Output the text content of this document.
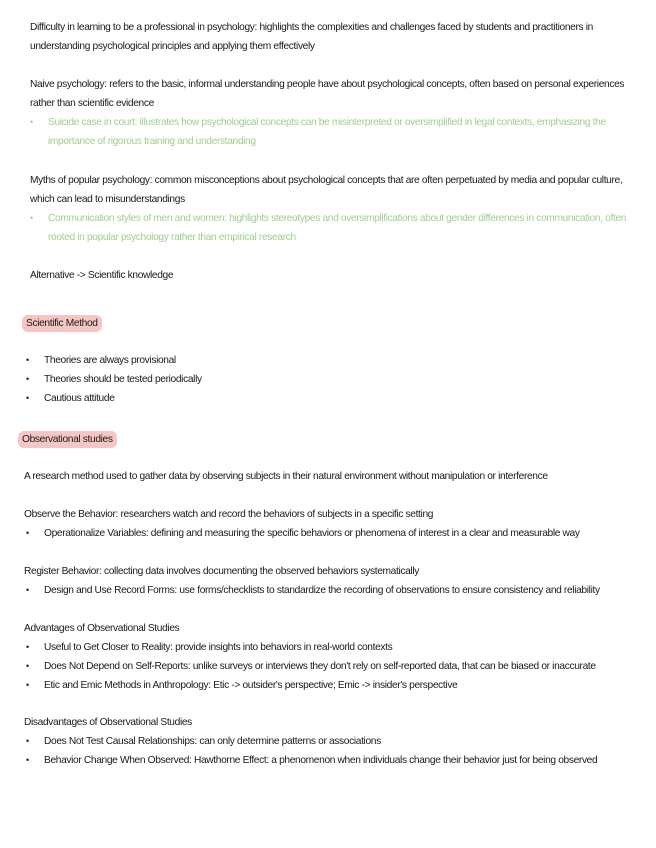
Difficulty in learning to be a professional in psychology: highlights the complexities and challenges faced by students and practitioners in understanding psychological principles and applying them effectively

Naive psychology: refers to the basic, informal understanding people have about psychological concepts, often based on personal experiences rather than scientific evidence

• Suicide case in court: illustrates how psychological concepts can be misinterpreted or oversimplified in legal contexts, emphasizing the importance of rigorous training and understanding

Myths of popular psychology: common misconceptions about psychological concepts that are often perpetuated by media and popular culture, which can lead to misunderstandings

• Communication styles of men and women: highlights stereotypes and oversimplifications about gender differences in communication, often rooted in popular psychology rather than empirical research

Alternative -> Scientific knowledge

Scientific Method
• Theories are always provisional
• Theories should be tested periodically
• Cautious attitude
Observational studies

A research method used to gather data by observing subjects in their natural environment without manipulation or interference

Observe the Behavior: researchers watch and record the behaviors of subjects in a specific setting

• Operationalize Variables: defining and measuring the specific behaviors or phenomena of interest in a clear and measurable way

Register Behavior: collecting data involves documenting the observed behaviors systematically

• Design and Use Record Forms: use forms/checklists to standardize the recording of observations to ensure consistency and reliability

Advantages of Observational Studies

• Useful to Get Closer to Reality: provide insights into behaviors in real-world contexts
• Does Not Depend on Self-Reports: unlike surveys or interviews they don't rely on self-reported data, that can be biased or inaccurate
• Etic and Emic Methods in Anthropology: Etic -> outsider's perspective; Emic -> insider's perspective

Disadvantages of Observational Studies

• Does Not Test Causal Relationships: can only determine patterns or associations
• Behavior Change When Observed: Hawthorne Effect: a phenomenon when individuals change their behavior just for being observed
